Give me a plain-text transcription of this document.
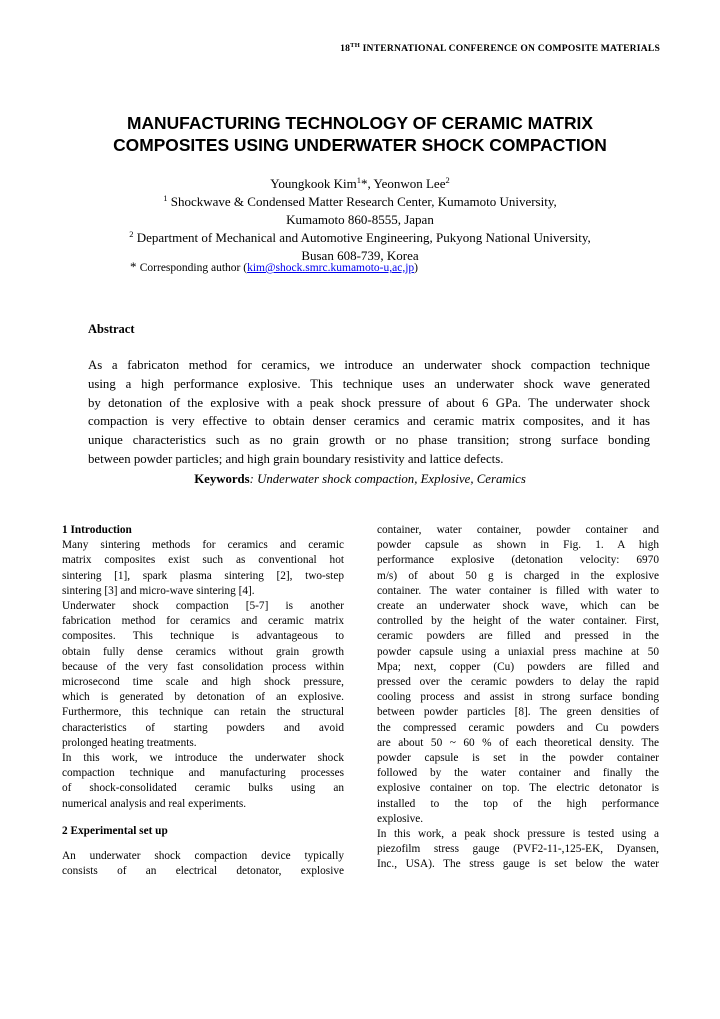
18TH INTERNATIONAL CONFERENCE ON COMPOSITE MATERIALS
MANUFACTURING TECHNOLOGY OF CERAMIC MATRIX
COMPOSITES USING UNDERWATER SHOCK COMPACTION
Youngkook Kim$^1$*, Yeonwon Lee$^2$
$^1$ Shockwave & Condensed Matter Research Center, Kumamoto University,
Kumamoto 860-8555, Japan
$^2$ Department of Mechanical and Automotive Engineering, Pukyong National University,
Busan 608-739, Korea
* Corresponding author (kim@shock.smrc.kumamoto-u,ac,jp)
Abstract
As a fabricaton method for ceramics, we introduce an underwater shock compaction technique
using a high performance explosive. This technique uses an underwater shock wave generated
by detonation of the explosive with a peak shock pressure of about 6 GPa. The underwater shock
compaction is very effective to obtain denser ceramics and ceramic matrix composites, and it has
unique characteristics such as no grain growth or no phase transition; strong surface bonding
between powder particles; and high grain boundary resistivity and lattice defects.
Keywords: Underwater shock compaction, Explosive, Ceramics
1 Introduction
Many sintering methods for ceramics and ceramic
matrix composites exist such as conventional hot
sintering [1], spark plasma sintering [2], two-step
sintering [3] and micro-wave sintering [4].
Underwater shock compaction [5-7] is another
fabrication method for ceramics and ceramic matrix
composites. This technique is advantageous to
obtain fully dense ceramics without grain growth
because of the very fast consolidation process within
microsecond time scale and high shock pressure,
which is generated by detonation of an explosive.
Furthermore, this technique can retain the structural
characteristics of starting powders and avoid
prolonged heating treatments.
In this work, we introduce the underwater shock
compaction technique and manufacturing processes
of shock-consolidated ceramic bulks using an
numerical analysis and real experiments.
2 Experimental set up
An underwater shock compaction device typically
consists of an electrical detonator, explosive
container, water container, powder container and
powder capsule as shown in Fig. 1. A high
performance explosive (detonation velocity: 6970
m/s) of about 50 g is charged in the explosive
container. The water container is filled with water to
create an underwater shock wave, which can be
controlled by the height of the water container. First,
ceramic powders are filled and pressed in the
powder capsule using a uniaxial press machine at 50
Mpa; next, copper (Cu) powders are filled and
pressed over the ceramic powders to delay the rapid
cooling process and assist in strong surface bonding
between powder particles [8]. The green densities of
the compressed ceramic powders and Cu powders
are about 50 ~ 60 % of each theoretical density. The
powder capsule is set in the powder container
followed by the water container and finally the
explosive container on top. The electric detonator is
installed to the top of the high performance
explosive.
In this work, a peak shock pressure is tested using a
piezofilm stress gauge (PVF2-11-,125-EK, Dyansen,
Inc., USA). The stress gauge is set below the water
